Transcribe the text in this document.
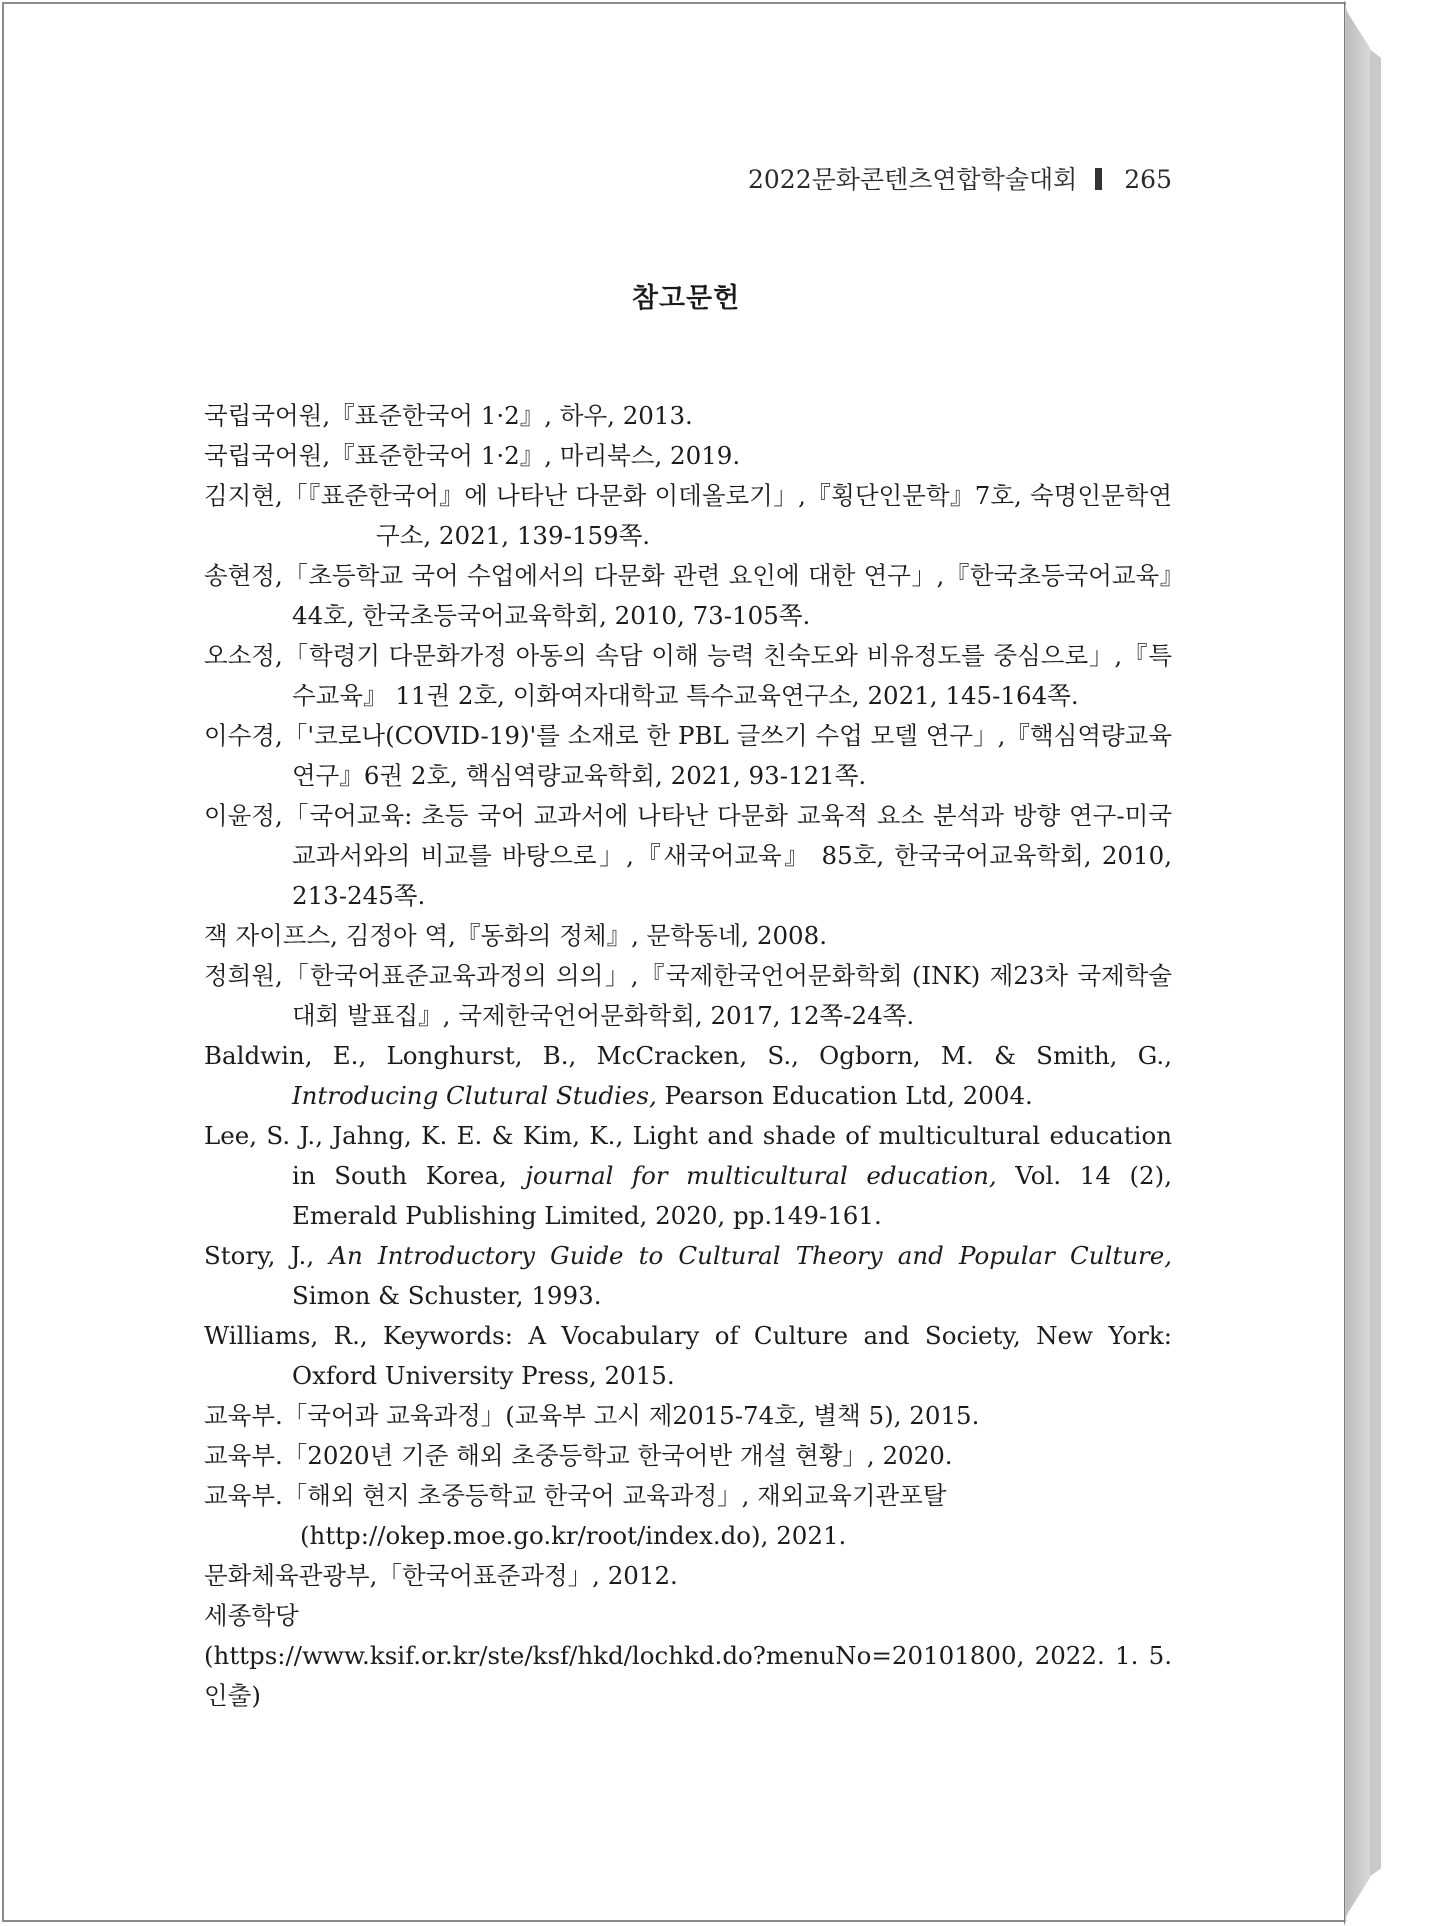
2022문화콘텐츠연합학술대회 265
참고문헌
국립국어원,『표준한국어 1·2』, 하우, 2013.
국립국어원,『표준한국어 1·2』, 마리북스, 2019.
김지현,「『표준한국어』에 나타난 다문화 이데올로기」,『횡단인문학』7호, 숙명인문학연구소, 2021, 139-159쪽.
송현정,「초등학교 국어 수업에서의 다문화 관련 요인에 대한 연구」,『한국초등국어교육』44호, 한국초등국어교육학회, 2010, 73-105쪽.
오소정,「학령기 다문화가정 아동의 속담 이해 능력 친숙도와 비유정도를 중심으로」,『특수교육』 11권 2호, 이화여자대학교 특수교육연구소, 2021, 145-164쪽.
이수경,「'코로나(COVID-19)'를 소재로 한 PBL 글쓰기 수업 모델 연구」,『핵심역량교육연구』6권 2호, 핵심역량교육학회, 2021, 93-121쪽.
이윤정,「국어교육: 초등 국어 교과서에 나타난 다문화 교육적 요소 분석과 방향 연구-미국 교과서와의 비교를 바탕으로」,『새국어교육』 85호, 한국국어교육학회, 2010, 213-245쪽.
잭 자이프스, 김정아 역,『동화의 정체』, 문학동네, 2008.
정희원,「한국어표준교육과정의 의의」,『국제한국언어문화학회 (INK) 제23차 국제학술대회 발표집』, 국제한국언어문화학회, 2017, 12쪽-24쪽.
Baldwin, E., Longhurst, B., McCracken, S., Ogborn, M. & Smith, G., Introducing Clutural Studies, Pearson Education Ltd, 2004.
Lee, S. J., Jahng, K. E. & Kim, K., Light and shade of multicultural education in South Korea, journal for multicultural education, Vol. 14 (2), Emerald Publishing Limited, 2020, pp.149-161.
Story, J., An Introductory Guide to Cultural Theory and Popular Culture, Simon & Schuster, 1993.
Williams, R., Keywords: A Vocabulary of Culture and Society, New York: Oxford University Press, 2015.
교육부.「국어과 교육과정」(교육부 고시 제2015-74호, 별책 5), 2015.
교육부.「2020년 기준 해외 초중등학교 한국어반 개설 현황」, 2020.
교육부.「해외 현지 초중등학교 한국어 교육과정」, 재외교육기관포탈
(http://okep.moe.go.kr/root/index.do), 2021.
문화체육관광부,「한국어표준과정」, 2012.
세종학당
(https://www.ksif.or.kr/ste/ksf/hkd/lochkd.do?menuNo=20101800, 2022. 1. 5. 인출)
